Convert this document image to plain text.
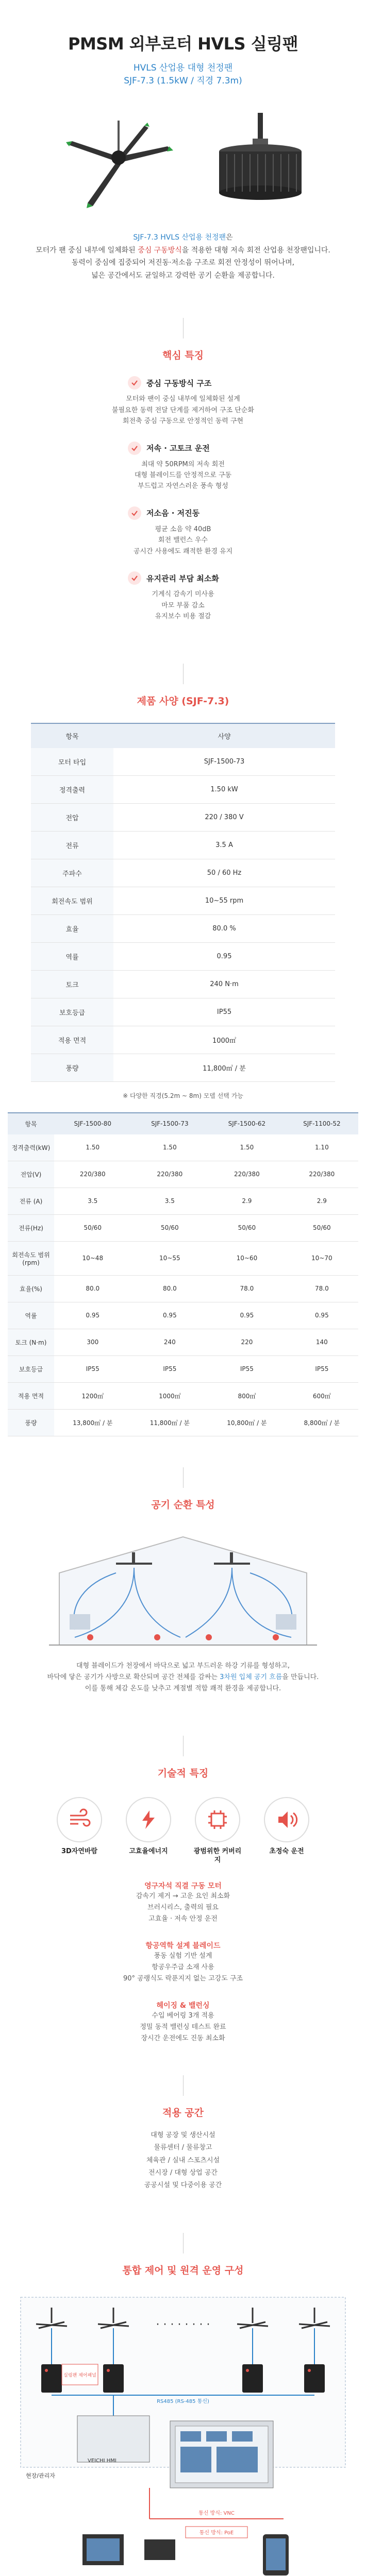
PMSM 외부로터 HVLS 실링팬
HVLS 산업용 대형 천정팬
SJF-7.3 (1.5kW / 직경 7.3m)

SJF-7.3 HVLS 산업용 천정팬은

모터가 팬 중심 내부에 일체화된 중심 구동방식을 적용한 대형 저속 회전 산업용 천장팬입니다.

동력이 중심에 집중되어 저진동·저소음 구조로 회전 안정성이 뛰어나며,

넓은 공간에서도 균일하고 강력한 공기 순환을 제공합니다.

핵심 특징
중심 구동방식 구조
모터와 팬이 중심 내부에 일체화된 설계
불필요한 동력 전달 단계를 제거하여 구조 단순화
회전축 중심 구동으로 안정적인 동력 구현
저속 · 고토크 운전
최대 약 50RPM의 저속 회전
대형 블레이드를 안정적으로 구동
부드럽고 자연스러운 풍속 형성
저소음 · 저진동
평균 소음 약 40dB
회전 밸런스 우수
공시간 사용에도 쾌적한 환경 유지
유지관리 부담 최소화
기계식 감속기 미사용
마모 부품 감소
유지보수 비용 절감
제품 사양 (SJF-7.3)
항목	사양
모터 타입	SJF-1500-73
정격출력	1.50 kW
전압	220 / 380 V
전류	3.5 A
주파수	50 / 60 Hz
회전속도 범위	10~55 rpm
효율	80.0 %
역률	0.95
토크	240 N·m
보호등급	IP55
적용 면적	1000㎡
풍량	11,800㎥ / 분
※ 다양한 직경(5.2m ~ 8m) 모델 선택 가능
항목	SJF-1500-80	SJF-1500-73	SJF-1500-62	SJF-1100-52
정격출력(kW)	1.50	1.50	1.50	1.10
전압(V)	220/380	220/380	220/380	220/380
전류 (A)	3.5	3.5	2.9	2.9
전류(Hz)	50/60	50/60	50/60	50/60
회전속도 범위 (rpm)	10~48	10~55	10~60	10~70
효율(%)	80.0	80.0	78.0	78.0
역률	0.95	0.95	0.95	0.95
토크 (N·m)	300	240	220	140
보호등급	IP55	IP55	IP55	IP55
적용 면적	1200㎡	1000㎡	800㎡	600㎡
풍량	13,800㎥ / 분	11,800㎥ / 분	10,800㎥ / 분	8,800㎥ / 분
공기 순환 특성

대형 블레이드가 천장에서 바닥으로 넓고 부드러운 하강 기류를 형성하고,

바닥에 닿은 공기가 사방으로 확산되며 공간 전체를 감싸는 3차원 입체 공기 흐름을 만듭니다.

이를 통해 체감 온도를 낮추고 계절별 적합 쾌적 환경을 제공합니다.

기술적 특징
3D자연바람	고효율에너지	광범위한 커버리지
초정숙 운전
영구자석 직결 구동 모터
감속기 제거 → 고운 요인 최소화
브러시리스, 출력의 필요
고효율 · 저속 안정 운전
항공역학 설계 블레이드
풍동 실험 기반 설계
항공우주급 소재 사용
90° 공랭식도 락푼지지 없는 고강도 구조
헤이징 & 밸런싱
수입 베어링 3개 적용
정밀 동적 밸런싱 테스트 완료
장시간 운전에도 진동 최소화
적용 공간
대형 공장 및 생산시설
물류센터 / 물류창고
체육관 / 실내 스포츠시설
전시장 / 대형 상업 공간
공공시설 및 다중이용 공간
통합 제어 및 원격 운영 구성
· · · · · · · ·
실링팬 제어패널
RS485 (RS-485 통신)
VEICHI HMI
현장/관리자
통신 방식: VNC
통신 방식: PoE
